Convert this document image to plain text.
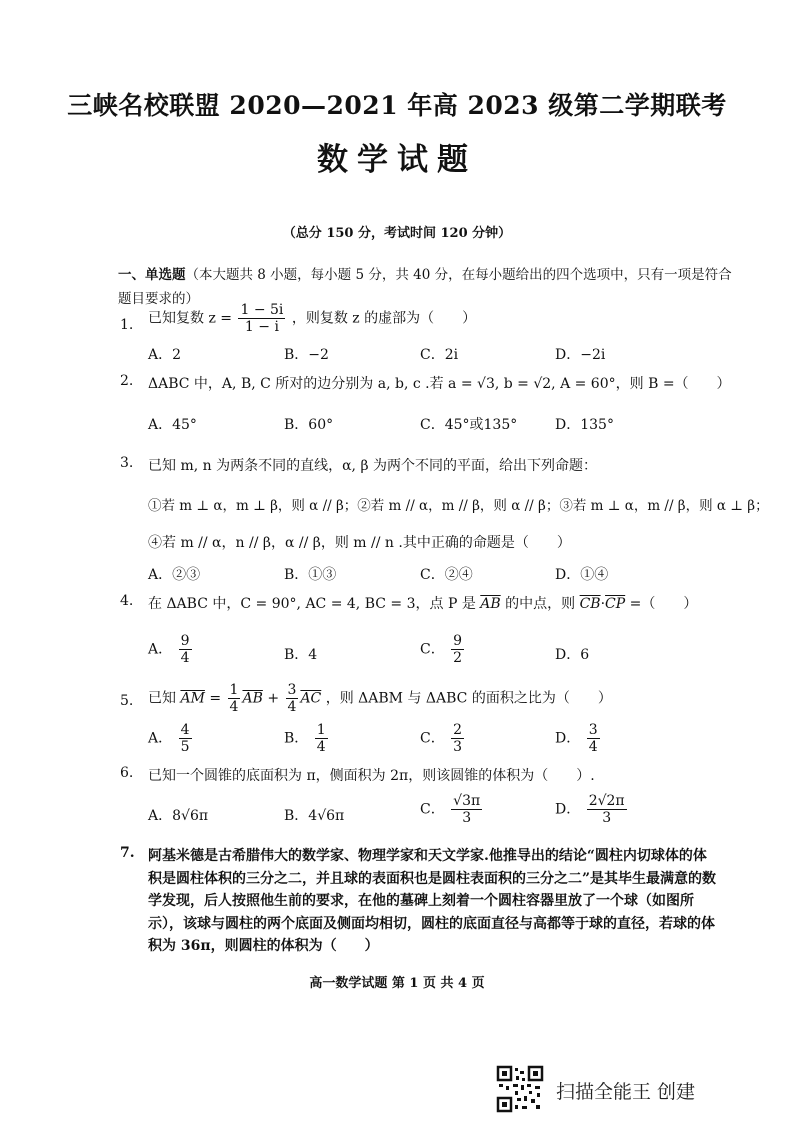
三峡名校联盟 2020—2021 年高 2023 级第二学期联考
数学试题
（总分 150 分，考试时间 120 分钟）
一、单选题（本大题共 8 小题，每小题 5 分，共 40 分，在每小题给出的四个选项中，只有一项是符合题目要求的）
1. 已知复数 $z = \frac{1 - 5i}{1 - i}$ ，则复数 z 的虚部为（　　）
A．2	B．−2	C．2i	D．−2i
2. ΔABC 中，A, B, C 所对的边分别为 a, b, c .若 a = √3, b = √2, A = 60°，则 B =（　　）
A．45°	B．60°	C．45°或135°	D．135°
3. 已知 m, n 为两条不同的直线，α, β 为两个不同的平面，给出下列命题：
①若 m ⊥ α，m ⊥ β，则 α // β；②若 m // α，m // β，则 α // β；③若 m ⊥ α，m // β，则 α ⊥ β；
④若 m // α，n // β，α // β，则 m // n .其中正确的命题是（　　）
A．②③	B．①③	C．②④	D．①④
4. 在 ΔABC 中，C = 90°, AC = 4, BC = 3，点 P 是 $\overline{AB}$ 的中点，则 $\overline{CB}\cdot\overline{CP}$ =（　　）
A． $\frac{9}{4}$	B．4	C． $\frac{9}{2}$	D．6
5. 已知 $\overline{AM} = \frac{1}{4} \overline{AB} + \frac{3}{4} \overline{AC}$ ，则 ΔABM 与 ΔABC 的面积之比为（　　）
A． $\frac{4}{5}$	B． $\frac{1}{4}$	C． $\frac{2}{3}$	D． $\frac{3}{4}$
6. 已知一个圆锥的底面积为 π，侧面积为 2π，则该圆锥的体积为（　　）.
A．8√6π	B．4√6π	C． $\frac{√3\pi}{3}$	D． $\frac{2√2\pi}{3}$
7. 阿基米德是古希腊伟大的数学家、物理学家和天文学家.他推导出的结论“圆柱内切球体的体积是圆柱体积的三分之二，并且球的表面积也是圆柱表面积的三分之二”是其毕生最满意的数学发现，后人按照他生前的要求，在他的墓碑上刻着一个圆柱容器里放了一个球（如图所示），该球与圆柱的两个底面及侧面均相切，圆柱的底面直径与高都等于球的直径，若球的体积为 36π，则圆柱的体积为（　　）
高一数学试题 第 1 页 共 4 页
扫描全能王 创建
